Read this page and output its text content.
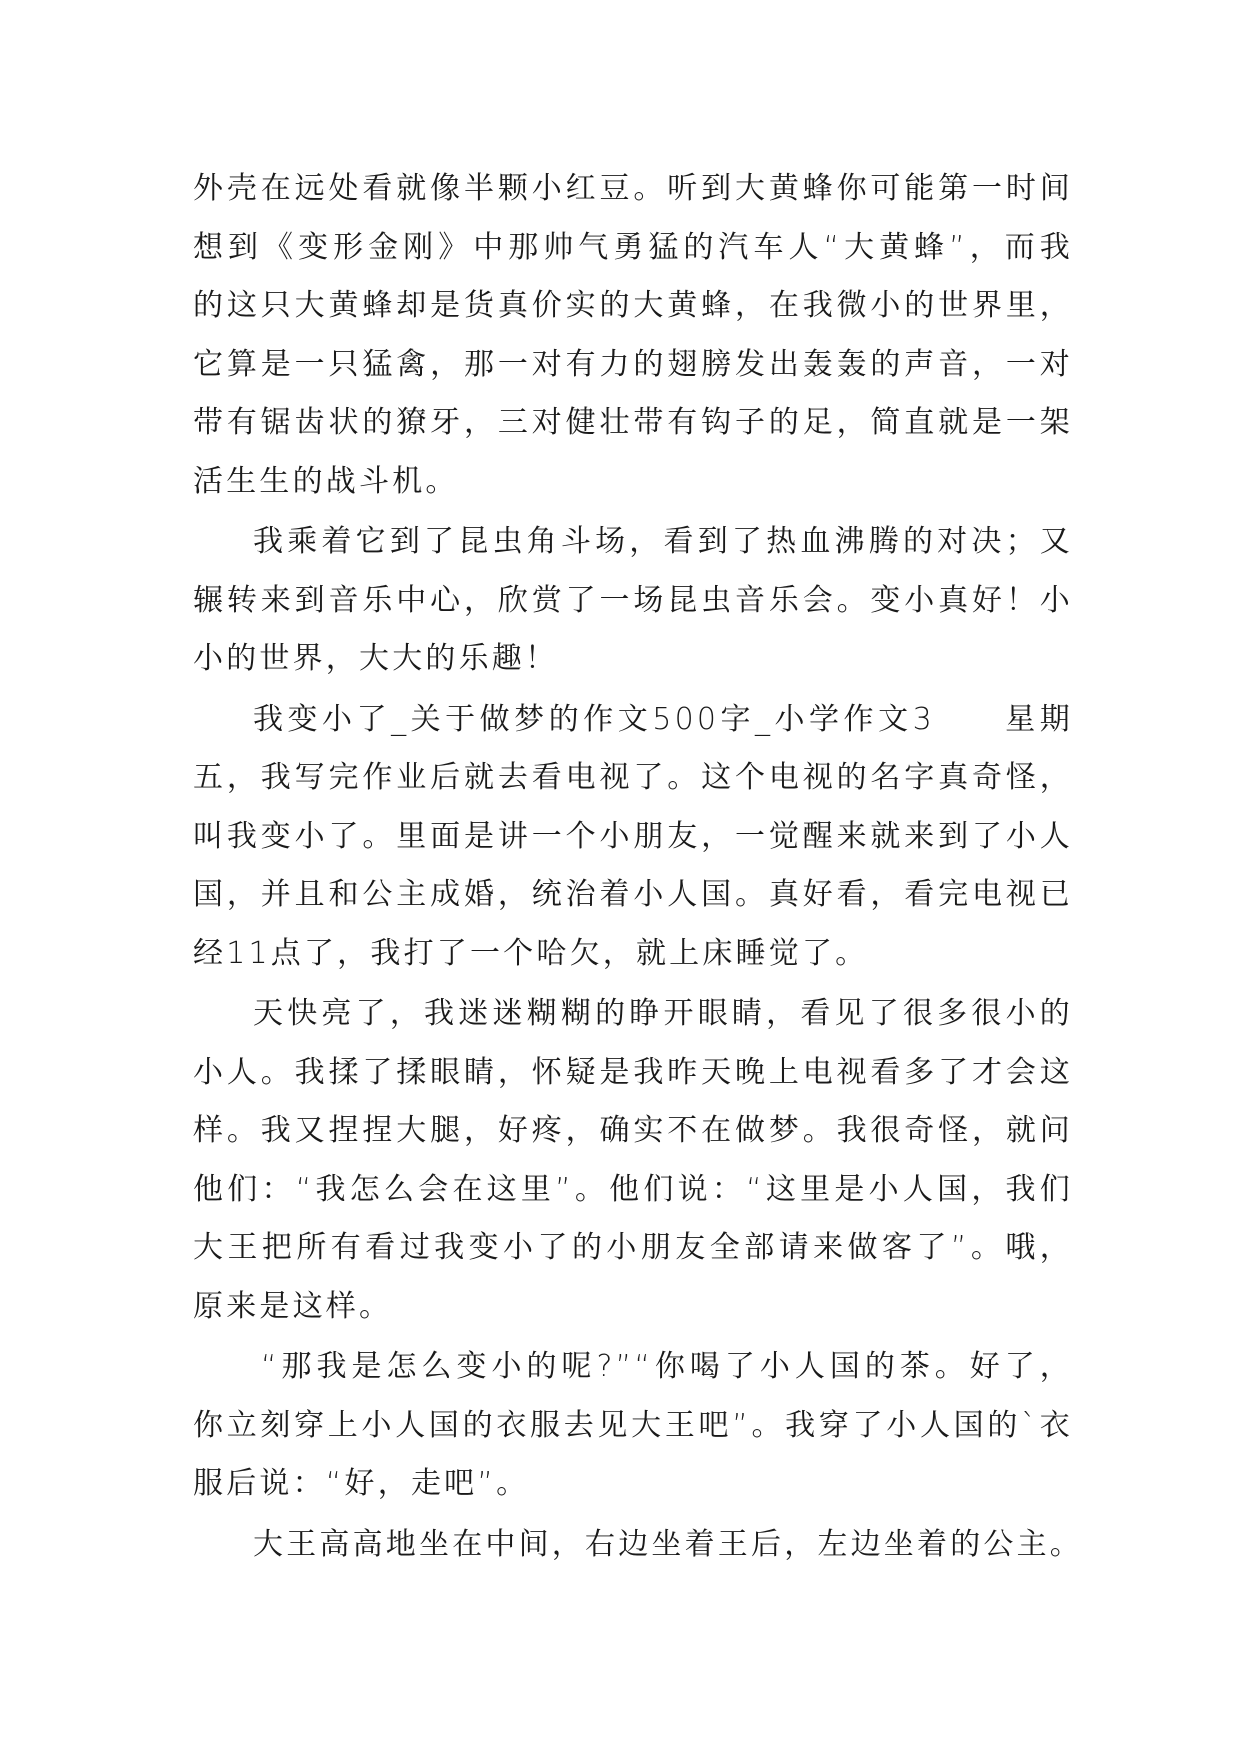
外壳在远处看就像半颗小红豆。听到大黄蜂你可能第一时间
想到《变形金刚》中那帅气勇猛的汽车人“大黄蜂”，而我
的这只大黄蜂却是货真价实的大黄蜂，在我微小的世界里，
它算是一只猛禽，那一对有力的翅膀发出轰轰的声音，一对
带有锯齿状的獠牙，三对健壮带有钩子的足，简直就是一架
活生生的战斗机。
我乘着它到了昆虫角斗场，看到了热血沸腾的对决；又
辗转来到音乐中心，欣赏了一场昆虫音乐会。变小真好！小
小的世界，大大的乐趣！
我变小了_关于做梦的作文500字_小学作文3　　星期
五，我写完作业后就去看电视了。这个电视的名字真奇怪，
叫我变小了。里面是讲一个小朋友，一觉醒来就来到了小人
国，并且和公主成婚，统治着小人国。真好看，看完电视已
经11点了，我打了一个哈欠，就上床睡觉了。
天快亮了，我迷迷糊糊的睁开眼睛，看见了很多很小的
小人。我揉了揉眼睛，怀疑是我昨天晚上电视看多了才会这
样。我又捏捏大腿，好疼，确实不在做梦。我很奇怪，就问
他们：“我怎么会在这里”。他们说：“这里是小人国，我们
大王把所有看过我变小了的小朋友全部请来做客了”。哦，
原来是这样。
“那我是怎么变小的呢?”“你喝了小人国的茶。好了，
你立刻穿上小人国的衣服去见大王吧”。我穿了小人国的`衣
服后说：“好，走吧”。
大王高高地坐在中间，右边坐着王后，左边坐着的公主。
